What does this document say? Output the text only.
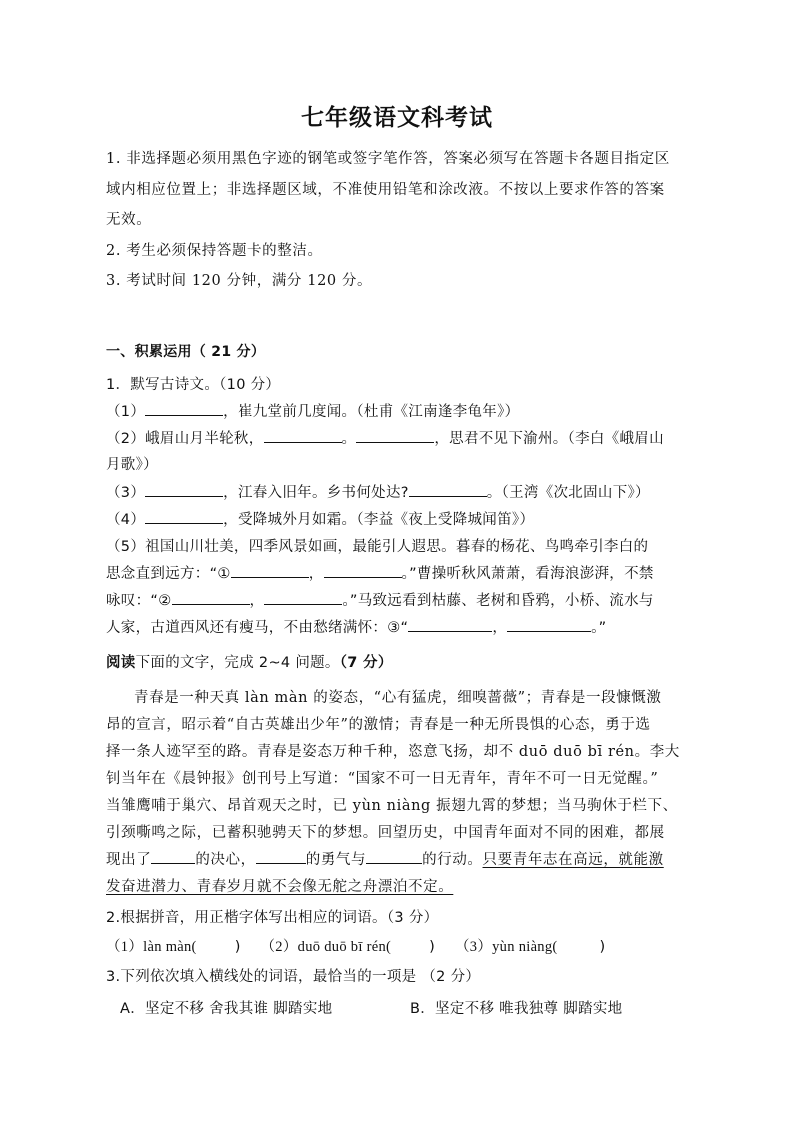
七年级语文科考试
1. 非选择题必须用黑色字迹的钢笔或签字笔作答，答案必须写在答题卡各题目指定区
域内相应位置上；非选择题区域，不准使用铅笔和涂改液。不按以上要求作答的答案
无效。
2. 考生必须保持答题卡的整洁。
3. 考试时间 120 分钟，满分 120 分。
一、积累运用（ 21 分）
1．默写古诗文。（10 分）
（1）	，崔九堂前几度闻。（杜甫《江南逢李龟年》）
（2）峨眉山月半轮秋，	。	，思君不见下渝州。（李白《峨眉山
月歌》）
（3）	，江春入旧年。乡书何处达?	。（王湾《次北固山下》）
（4）	，受降城外月如霜。（李益《夜上受降城闻笛》）
（5）祖国山川壮美，四季风景如画，最能引人遐思。暮春的杨花、鸟鸣牵引李白的
思念直到远方：“①	，	。”曹操听秋风萧萧，看海浪澎湃，不禁
咏叹：“②	，	。”马致远看到枯藤、老树和昏鸦，小桥、流水与
人家，古道西风还有瘦马，不由愁绪满怀：③“	，	。”
阅读下面的文字，完成 2~4 问题。（7 分）
青春是一种天真 làn màn 的姿态，“心有猛虎，细嗅蔷薇”；青春是一段慷慨激
昂的宣言，昭示着“自古英雄出少年”的激情；青春是一种无所畏惧的心态，勇于选
择一条人迹罕至的路。青春是姿态万种千种，恣意飞扬，却不 duō duō bī rén。李大
钊当年在《晨钟报》创刊号上写道：“国家不可一日无青年，青年不可一日无觉醒。”
当雏鹰哺于巢穴、昂首观天之时，已 yùn niàng 振翅九霄的梦想；当马驹休于栏下、
引颈嘶鸣之际，已蓄积驰骋天下的梦想。回望历史，中国青年面对不同的困难，都展
现出了	的决心，	的勇气与	的行动。只要青年志在高远，就能激
发奋进潜力、青春岁月就不会像无舵之舟漂泊不定。
2.根据拼音，用正楷字体写出相应的词语。（3 分）
（1）làn màn(	) （2）duō duō bī rén(	) （3）yùn niàng(	)
3.下列依次填入横线处的词语，最恰当的一项是 （2 分）
A．坚定不移 舍我其谁 脚踏实地	B．坚定不移 唯我独尊 脚踏实地
